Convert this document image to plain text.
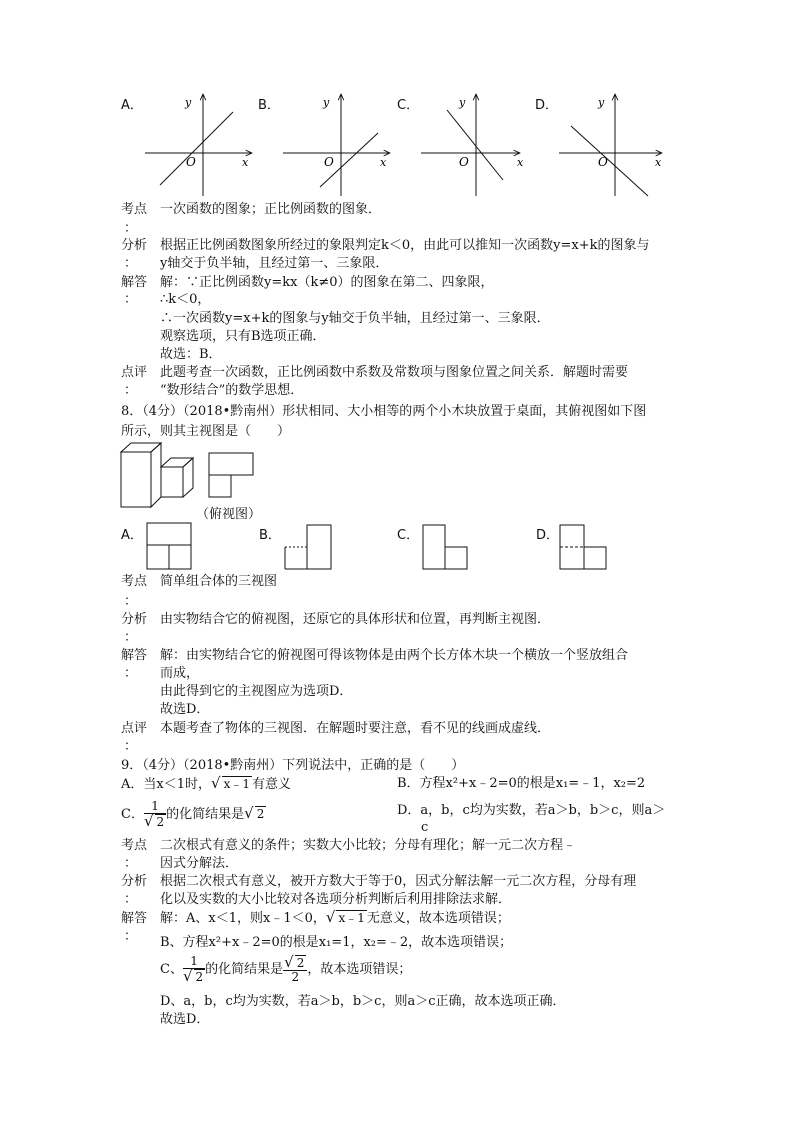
A．	B．	C．	D．
y
x
O
y
x
O
y
x
O
y
x
O
考点 一次函数的图象；正比例函数的图象．
：
分析 根据正比例函数图象所经过的象限判定k＜0，由此可以推知一次函数y=x+k的图象与
： y轴交于负半轴，且经过第一、三象限．
解答 解：∵正比例函数y=kx（k≠0）的图象在第二、四象限，
： ∴k＜0，
∴一次函数y=x+k的图象与y轴交于负半轴，且经过第一、三象限．
观察选项，只有B选项正确．
故选：B．
点评 此题考查一次函数，正比例函数中系数及常数项与图象位置之间关系．解题时需要
： “数形结合”的数学思想．
8．（4分）（2018•黔南州）形状相同、大小相等的两个小木块放置于桌面，其俯视图如下图
所示，则其主视图是（　　）
（俯视图）
A．	B．	C．	D．
考点 简单组合体的三视图
：
分析 由实物结合它的俯视图，还原它的具体形状和位置，再判断主视图．
：
解答 解：由实物结合它的俯视图可得该物体是由两个长方体木块一个横放一个竖放组合
： 而成，
由此得到它的主视图应为选项D．
故选D．
点评 本题考查了物体的三视图．在解题时要注意，看不见的线画成虚线．
：
9．（4分）（2018•黔南州）下列说法中，正确的是（　　）
A．当x＜1时，√ x﹣1 有意义	B．方程x²+x﹣2=0的根是x₁=﹣1，x₂=2
C． $\frac{1}{√ 2}$ 的化简结果是√ 2	D．a，b，c均为实数，若a＞b，b＞c，则a＞
c
考点 二次根式有意义的条件；实数大小比较；分母有理化；解一元二次方程﹣
： 因式分解法．
分析 根据二次根式有意义，被开方数大于等于0，因式分解法解一元二次方程，分母有理
： 化以及实数的大小比较对各选项分析判断后利用排除法求解．
解答 解：A、x＜1，则x﹣1＜0，√ x﹣1 无意义，故本选项错误；
： B、方程x²+x﹣2=0的根是x₁=1，x₂=﹣2，故本选项错误；
C、 $\frac{1}{√ 2}$ 的化简结果是 $\frac{√ 2}{2}$ ，故本选项错误；
D、a，b，c均为实数，若a＞b，b＞c，则a＞c正确，故本选项正确．
故选D．
